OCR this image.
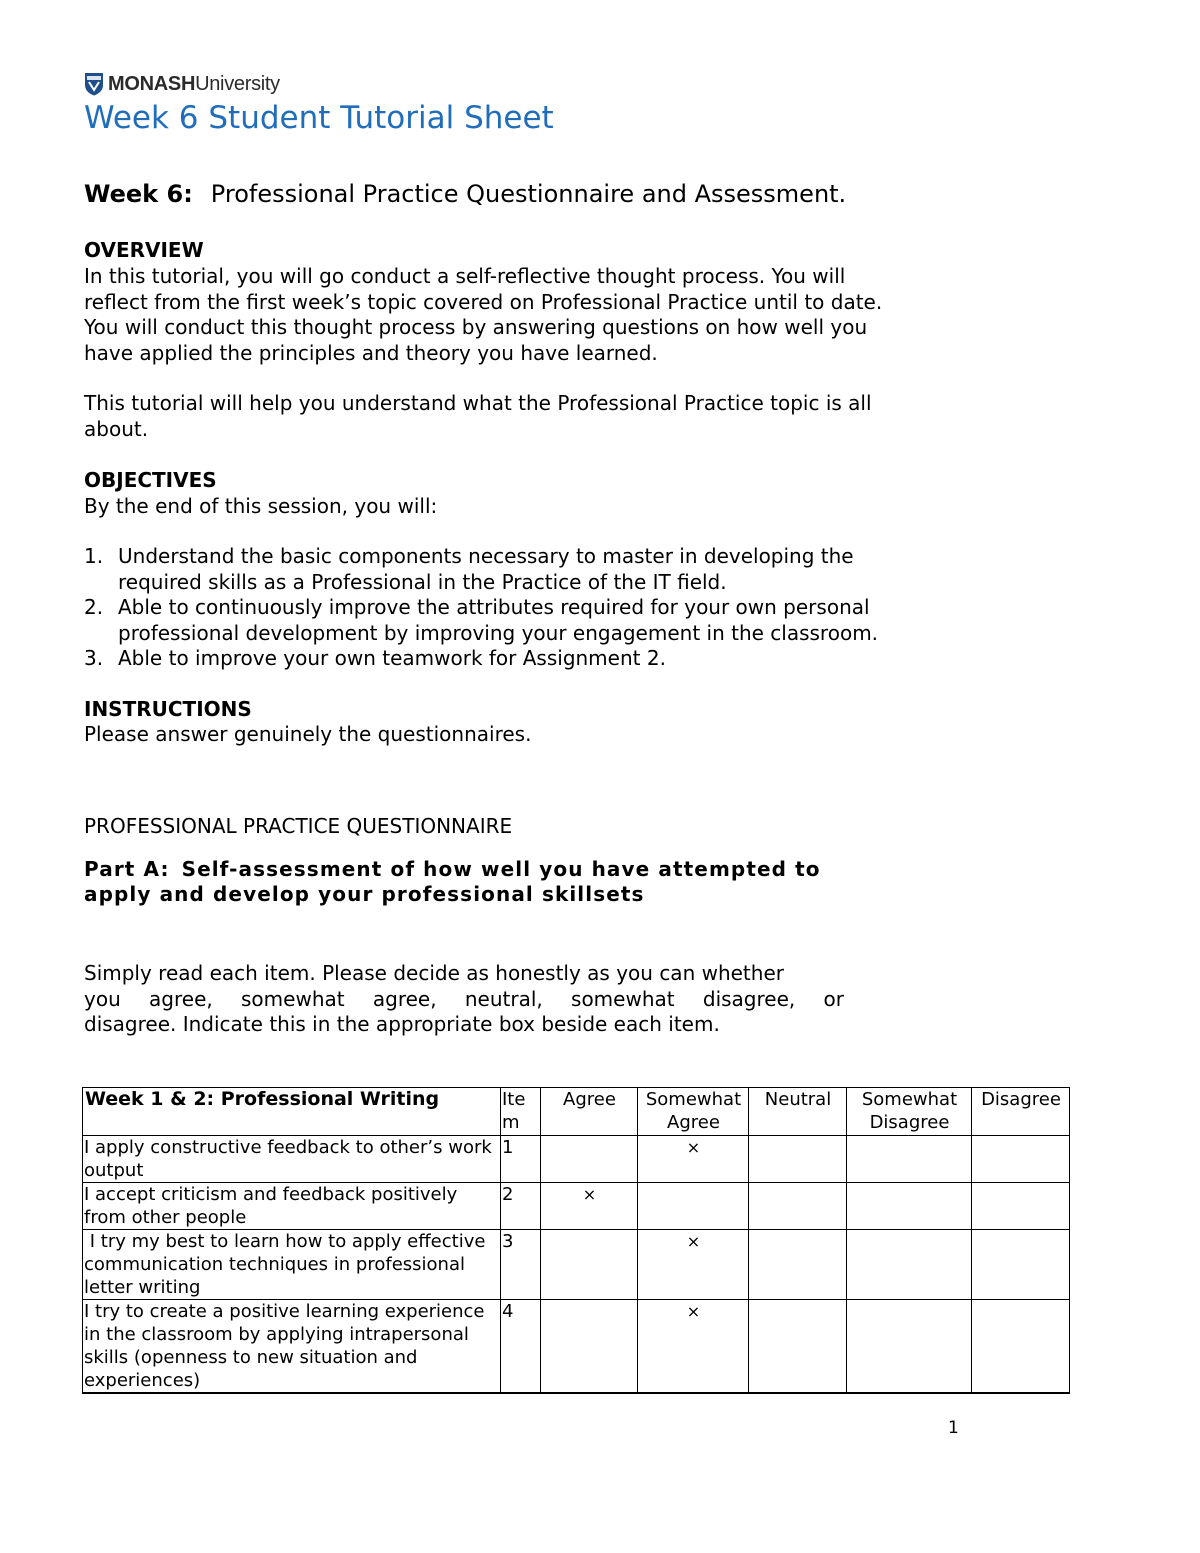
MONASHUniversity
Week 6 Student Tutorial Sheet
Week 6: Professional Practice Questionnaire and Assessment.
OVERVIEW
In this tutorial, you will go conduct a self-reflective thought process. You will
reflect from the first week’s topic covered on Professional Practice until to date.
You will conduct this thought process by answering questions on how well you
have applied the principles and theory you have learned.
This tutorial will help you understand what the Professional Practice topic is all
about.
OBJECTIVES
By the end of this session, you will:
1. Understand the basic components necessary to master in developing the
required skills as a Professional in the Practice of the IT field.
2. Able to continuously improve the attributes required for your own personal
professional development by improving your engagement in the classroom.
3. Able to improve your own teamwork for Assignment 2.
INSTRUCTIONS
Please answer genuinely the questionnaires.
PROFESSIONAL PRACTICE QUESTIONNAIRE
Part A: Self-assessment of how well you have attempted to
apply and develop your professional skillsets
Simply read each item. Please decide as honestly as you can whether
you agree, somewhat agree, neutral, somewhat disagree, or
disagree. Indicate this in the appropriate box beside each item.
Week 1 & 2: Professional Writing	Item	Agree	Somewhat Agree	Neutral	Somewhat Disagree	Disagree
I apply constructive feedback to other’s work output	1		×			
I accept criticism and feedback positively from other people	2	×				
I try my best to learn how to apply effective communication techniques in professional letter writing	3		×			
I try to create a positive learning experience in the classroom by applying intrapersonal skills (openness to new situation and experiences)	4		×			
1
